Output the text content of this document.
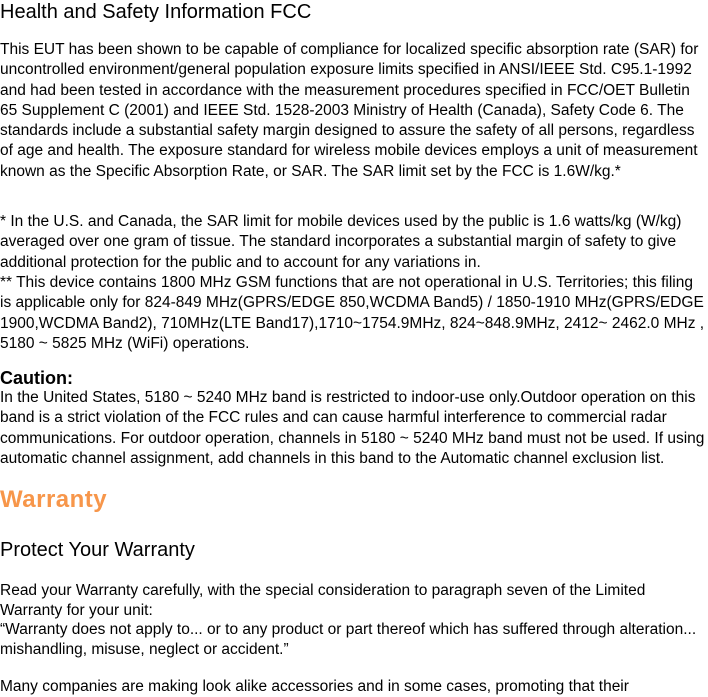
Health and Safety Information FCC
This EUT has been shown to be capable of compliance for localized specific absorption rate (SAR) for uncontrolled environment/general population exposure limits specified in ANSI/IEEE Std. C95.1-1992 and had been tested in accordance with the measurement procedures specified in FCC/OET Bulletin 65 Supplement C (2001) and IEEE Std. 1528-2003 Ministry of Health (Canada), Safety Code 6. The standards include a substantial safety margin designed to assure the safety of all persons, regardless of age and health. The exposure standard for wireless mobile devices employs a unit of measurement known as the Specific Absorption Rate, or SAR. The SAR limit set by the FCC is 1.6W/kg.*
* In the U.S. and Canada, the SAR limit for mobile devices used by the public is 1.6 watts/kg (W/kg) averaged over one gram of tissue. The standard incorporates a substantial margin of safety to give additional protection for the public and to account for any variations in.
** This device contains 1800 MHz GSM functions that are not operational in U.S. Territories; this filing is applicable only for 824-849 MHz(GPRS/EDGE 850,WCDMA Band5) / 1850-1910 MHz(GPRS/EDGE 1900,WCDMA Band2), 710MHz(LTE Band17),1710~1754.9MHz, 824~848.9MHz, 2412~ 2462.0 MHz , 5180 ~ 5825 MHz (WiFi) operations.
Caution:
In the United States, 5180 ~ 5240 MHz band is restricted to indoor-use only.Outdoor operation on this band is a strict violation of the FCC rules and can cause harmful interference to commercial radar communications. For outdoor operation, channels in 5180 ~ 5240 MHz band must not be used. If using automatic channel assignment, add channels in this band to the Automatic channel exclusion list.
Warranty
Protect Your Warranty
Read your Warranty carefully, with the special consideration to paragraph seven of the Limited Warranty for your unit:
“Warranty does not apply to... or to any product or part thereof which has suffered through alteration... mishandling, misuse, neglect or accident.”
Many companies are making look alike accessories and in some cases, promoting that their
